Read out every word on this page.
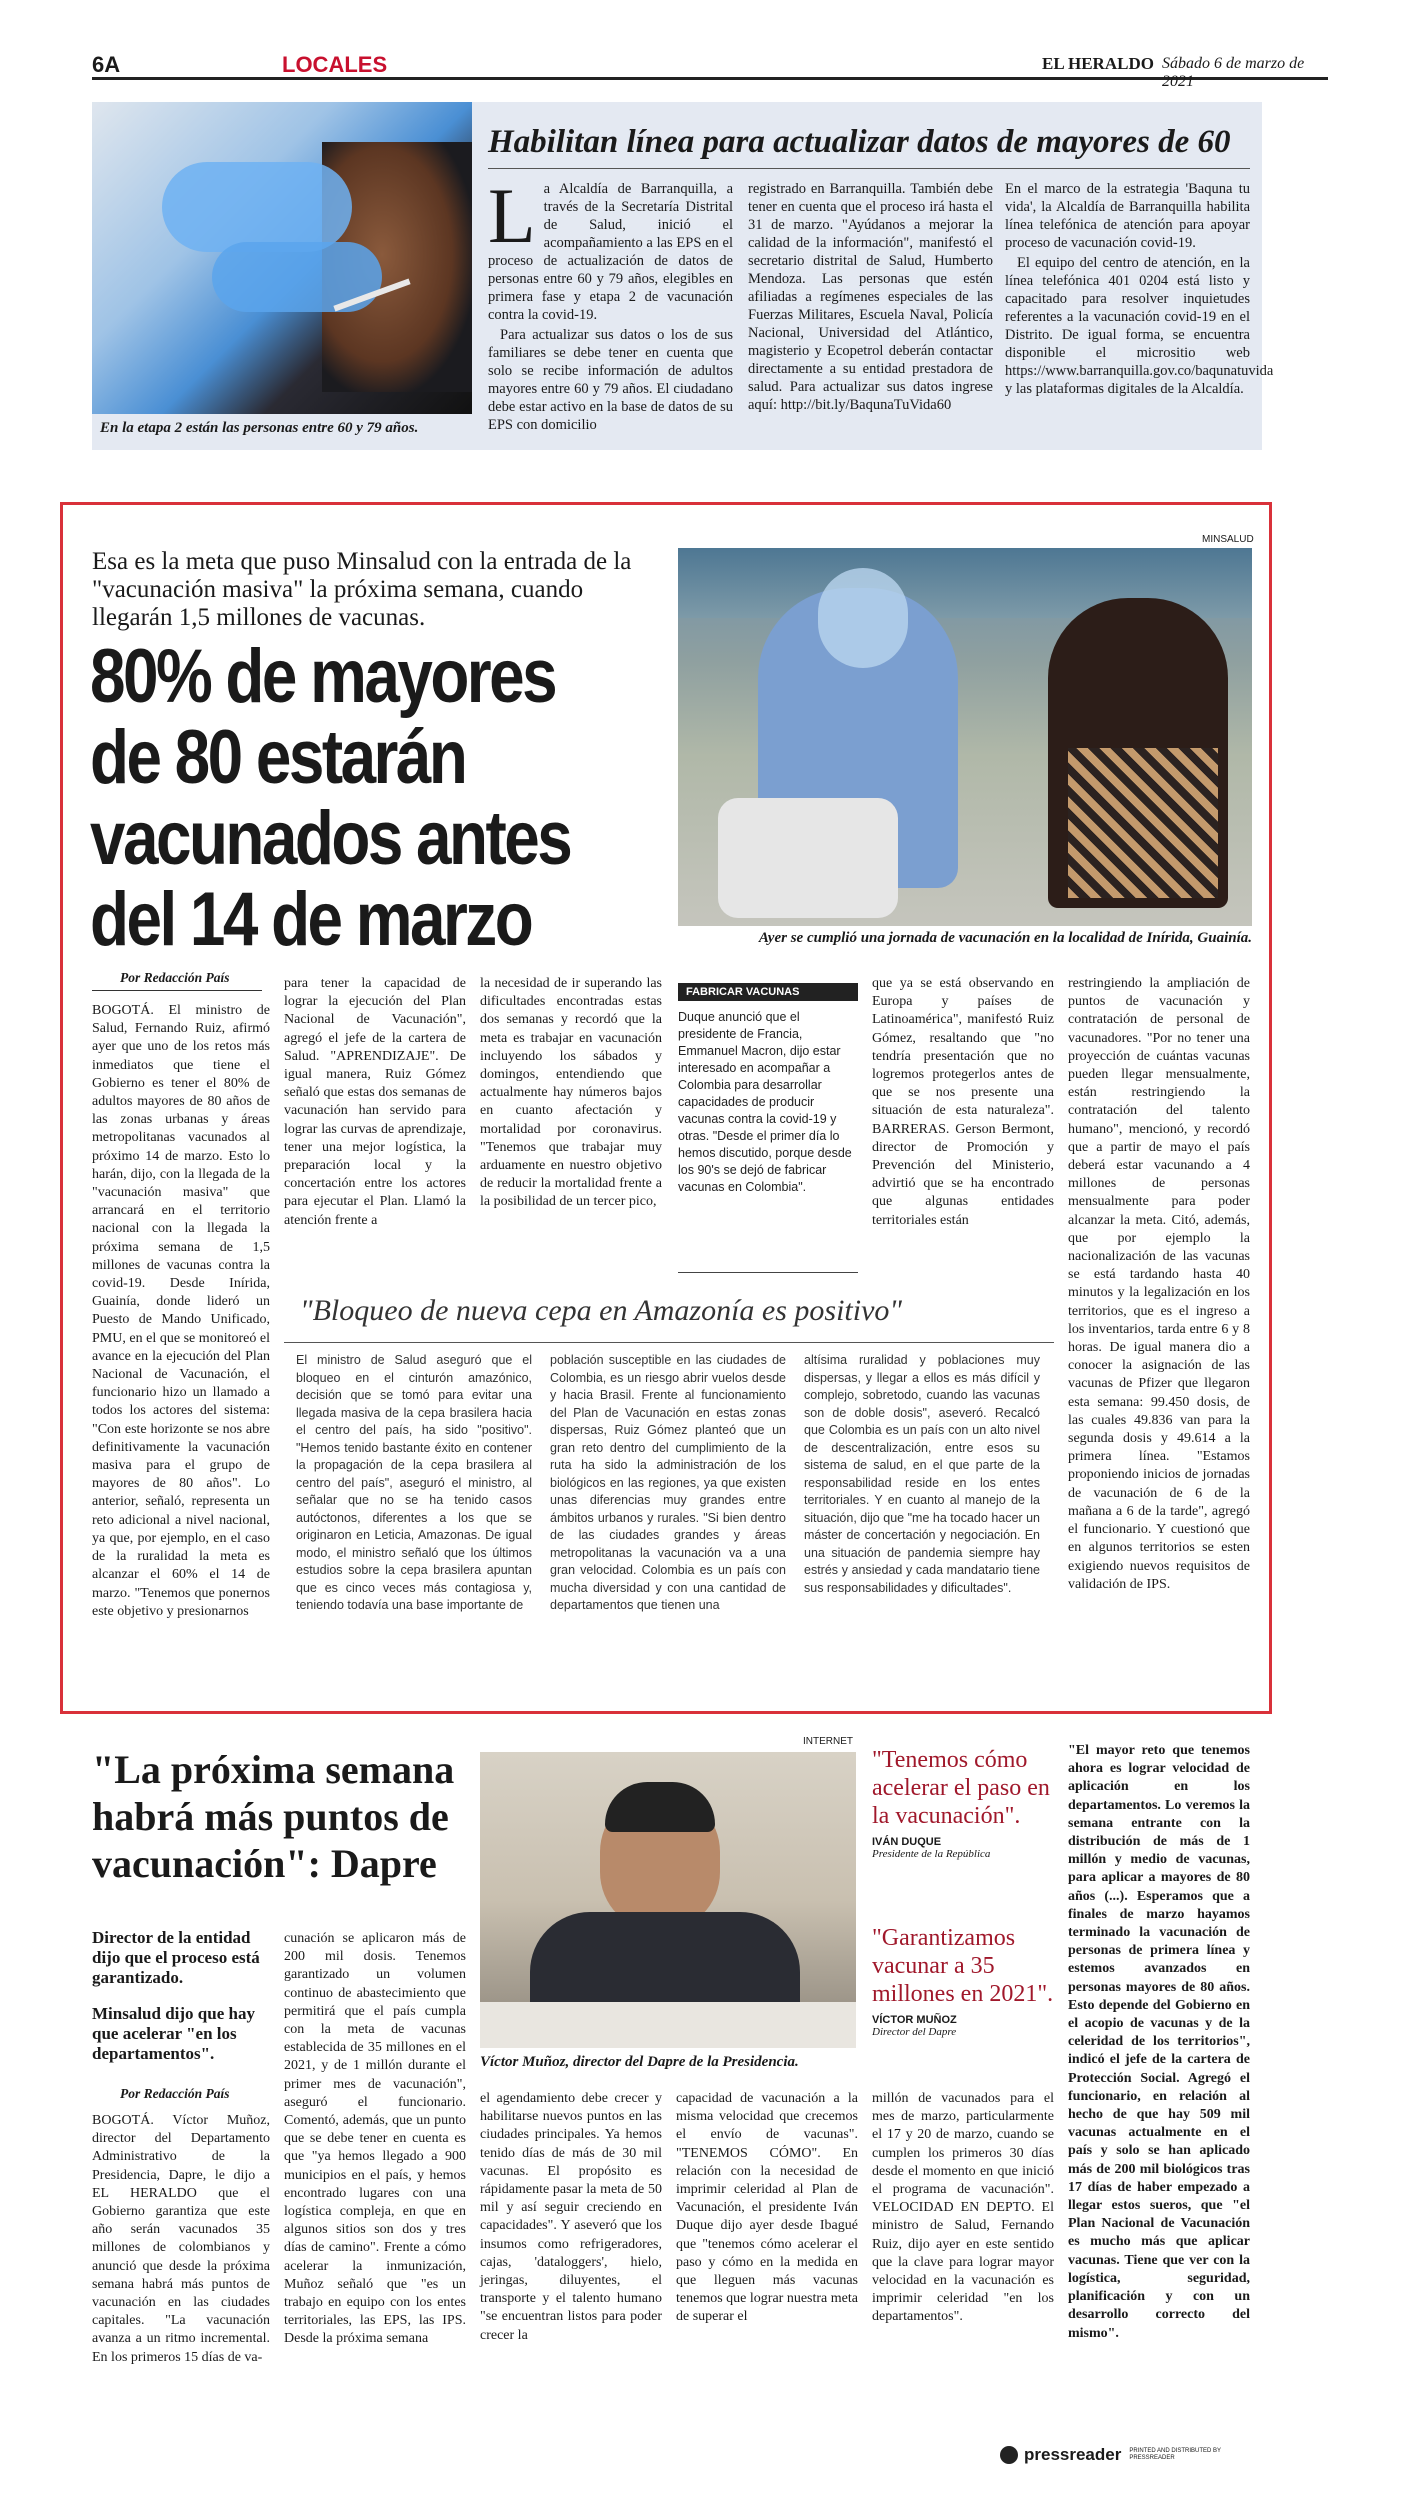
6A	LOCALES	EL HERALDO Sábado 6 de marzo de 2021
En la etapa 2 están las personas entre 60 y 79 años.
Habilitan línea para actualizar datos de mayores de 60
L a Alcaldía de Barranquilla, a través de la Secretaría Distrital de Salud, inició el acompañamiento a las EPS en el proceso de actualización de datos de personas entre 60 y 79 años, elegibles en primera fase y etapa 2 de vacunación contra la covid-19.

Para actualizar sus datos o los de sus familiares se debe tener en cuenta que solo se recibe información de adultos mayores entre 60 y 79 años. El ciudadano debe estar activo en la base de datos de su EPS con domicilio

registrado en Barranquilla. También debe tener en cuenta que el proceso irá hasta el 31 de marzo. "Ayúdanos a mejorar la calidad de la información", manifestó el secretario distrital de Salud, Humberto Mendoza. Las personas que estén afiliadas a regímenes especiales de las Fuerzas Militares, Escuela Naval, Policía Nacional, Universidad del Atlántico, magisterio y Ecopetrol deberán contactar directamente a su entidad prestadora de salud. Para actualizar sus datos ingrese aquí: http://bit.ly/BaqunaTuVida60

En el marco de la estrategia 'Baquna tu vida', la Alcaldía de Barranquilla habilita línea telefónica de atención para apoyar proceso de vacunación covid-19.

El equipo del centro de atención, en la línea telefónica 401 0204 está listo y capacitado para resolver inquietudes referentes a la vacunación covid-19 en el Distrito. De igual forma, se encuentra disponible el micrositio web https://www.barranquilla.gov.co/baqunatuvida y las plataformas digitales de la Alcaldía.

Esa es la meta que puso Minsalud con la entrada de la "vacunación masiva" la próxima semana, cuando llegarán 1,5 millones de vacunas.
80% de mayores de 80 estarán vacunados antes del 14 de marzo
MINSALUD
Ayer se cumplió una jornada de vacunación en la localidad de Inírida, Guainía.
Por Redacción País

BOGOTÁ. El ministro de Salud, Fernando Ruiz, afirmó ayer que uno de los retos más inmediatos que tiene el Gobierno es tener el 80% de adultos mayores de 80 años de las zonas urbanas y áreas metropolitanas vacunados al próximo 14 de marzo. Esto lo harán, dijo, con la llegada de la "vacunación masiva" que arrancará en el territorio nacional con la llegada la próxima semana de 1,5 millones de vacunas contra la covid-19. Desde Inírida, Guainía, donde lideró un Puesto de Mando Unificado, PMU, en el que se monitoreó el avance en la ejecución del Plan Nacional de Vacunación, el funcionario hizo un llamado a todos los actores del sistema: "Con este horizonte se nos abre definitivamente la vacunación masiva para el grupo de mayores de 80 años". Lo anterior, señaló, representa un reto adicional a nivel nacional, ya que, por ejemplo, en el caso de la ruralidad la meta es alcanzar el 60% el 14 de marzo. "Tenemos que ponernos este objetivo y presionarnos

para tener la capacidad de lograr la ejecución del Plan Nacional de Vacunación", agregó el jefe de la cartera de Salud. "APRENDIZAJE". De igual manera, Ruiz Gómez señaló que estas dos semanas de vacunación han servido para lograr las curvas de aprendizaje, tener una mejor logística, la preparación local y la concertación entre los actores para ejecutar el Plan. Llamó la atención frente a

la necesidad de ir superando las dificultades encontradas estas dos semanas y recordó que la meta es trabajar en vacunación incluyendo los sábados y domingos, entendiendo que actualmente hay números bajos en cuanto afectación y mortalidad por coronavirus. "Tenemos que trabajar muy arduamente en nuestro objetivo de reducir la mortalidad frente a la posibilidad de un tercer pico,

FABRICAR VACUNAS
Duque anunció que el presidente de Francia, Emmanuel Macron, dijo estar interesado en acompañar a Colombia para desarrollar capacidades de producir vacunas contra la covid-19 y otras. "Desde el primer día lo hemos discutido, porque desde los 90's se dejó de fabricar vacunas en Colombia".

que ya se está observando en Europa y países de Latinoamérica", manifestó Ruiz Gómez, resaltando que "no tendría presentación que no logremos protegerlos antes de que se nos presente una situación de esta naturaleza". BARRERAS. Gerson Bermont, director de Promoción y Prevención del Ministerio, advirtió que se ha encontrado que algunas entidades territoriales están

restringiendo la ampliación de puntos de vacunación y contratación de personal de vacunadores. "Por no tener una proyección de cuántas vacunas pueden llegar mensualmente, están restringiendo la contratación del talento humano", mencionó, y recordó que a partir de mayo el país deberá estar vacunando a 4 millones de personas mensualmente para poder alcanzar la meta. Citó, además, que por ejemplo la nacionalización de las vacunas se está tardando hasta 40 minutos y la legalización en los territorios, que es el ingreso a los inventarios, tarda entre 6 y 8 horas. De igual manera dio a conocer la asignación de las vacunas de Pfizer que llegaron esta semana: 99.450 dosis, de las cuales 49.836 van para la segunda dosis y 49.614 a la primera línea. "Estamos proponiendo inicios de jornadas de vacunación de 6 de la mañana a 6 de la tarde", agregó el funcionario. Y cuestionó que en algunos territorios se esten exigiendo nuevos requisitos de validación de IPS.

"Bloqueo de nueva cepa en Amazonía es positivo"

El ministro de Salud aseguró que el bloqueo en el cinturón amazónico, decisión que se tomó para evitar una llegada masiva de la cepa brasilera hacia el centro del país, ha sido "positivo". "Hemos tenido bastante éxito en contener la propagación de la cepa brasilera al centro del país", aseguró el ministro, al señalar que no se ha tenido casos autóctonos, diferentes a los que se originaron en Leticia, Amazonas. De igual modo, el ministro señaló que los últimos estudios sobre la cepa brasilera apuntan que es cinco veces más contagiosa y, teniendo todavía una base importante de

población susceptible en las ciudades de Colombia, es un riesgo abrir vuelos desde y hacia Brasil. Frente al funcionamiento del Plan de Vacunación en estas zonas dispersas, Ruiz Gómez planteó que un gran reto dentro del cumplimiento de la ruta ha sido la administración de los biológicos en las regiones, ya que existen unas diferencias muy grandes entre ámbitos urbanos y rurales. "Si bien dentro de las ciudades grandes y áreas metropolitanas la vacunación va a una gran velocidad. Colombia es un país con mucha diversidad y con una cantidad de departamentos que tienen una

altísima ruralidad y poblaciones muy dispersas, y llegar a ellos es más difícil y complejo, sobretodo, cuando las vacunas son de doble dosis", aseveró. Recalcó que Colombia es un país con un alto nivel de descentralización, entre esos su sistema de salud, en el que parte de la responsabilidad reside en los entes territoriales. Y en cuanto al manejo de la situación, dijo que "me ha tocado hacer un máster de concertación y negociación. En una situación de pandemia siempre hay estrés y ansiedad y cada mandatario tiene sus responsabilidades y dificultades".

"La próxima semana habrá más puntos de vacunación": Dapre
Director de la entidad dijo que el proceso está garantizado.
Minsalud dijo que hay que acelerar "en los departamentos".
Por Redacción País

BOGOTÁ. Víctor Muñoz, director del Departamento Administrativo de la Presidencia, Dapre, le dijo a EL HERALDO que el Gobierno garantiza que este año serán vacunados 35 millones de colombianos y anunció que desde la próxima semana habrá más puntos de vacunación en las ciudades capitales. "La vacunación avanza a un ritmo incremental. En los primeros 15 días de va-

cunación se aplicaron más de 200 mil dosis. Tenemos garantizado un volumen continuo de abastecimiento que permitirá que el país cumpla con la meta de vacunas establecida de 35 millones en el 2021, y de 1 millón durante el primer mes de vacunación", aseguró el funcionario. Comentó, además, que un punto que se debe tener en cuenta es que "ya hemos llegado a 900 municipios en el país, y hemos encontrado lugares con una logística compleja, en que en algunos sitios son dos y tres días de camino". Frente a cómo acelerar la inmunización, Muñoz señaló que "es un trabajo en equipo con los entes territoriales, las EPS, las IPS. Desde la próxima semana

INTERNET
Víctor Muñoz, director del Dapre de la Presidencia.

el agendamiento debe crecer y habilitarse nuevos puntos en las ciudades principales. Ya hemos tenido días de más de 30 mil vacunas. El propósito es rápidamente pasar la meta de 50 mil y así seguir creciendo en capacidades". Y aseveró que los insumos como refrigeradores, cajas, 'dataloggers', hielo, jeringas, diluyentes, el transporte y el talento humano "se encuentran listos para poder crecer la

capacidad de vacunación a la misma velocidad que crecemos el envío de vacunas". "TENEMOS CÓMO". En relación con la necesidad de imprimir celeridad al Plan de Vacunación, el presidente Iván Duque dijo ayer desde Ibagué que "tenemos cómo acelerar el paso y cómo en la medida en que lleguen más vacunas tenemos que lograr nuestra meta de superar el

"Tenemos cómo acelerar el paso en la vacunación".
IVÁN DUQUE
Presidente de la República
"Garantizamos vacunar a 35 millones en 2021".
VÍCTOR MUÑOZ
Director del Dapre

millón de vacunados para el mes de marzo, particularmente el 17 y 20 de marzo, cuando se cumplen los primeros 30 días desde el momento en que inició el programa de vacunación". VELOCIDAD EN DEPTO. El ministro de Salud, Fernando Ruiz, dijo ayer en este sentido que la clave para lograr mayor velocidad en la vacunación es imprimir celeridad "en los departamentos".

"El mayor reto que tenemos ahora es lograr velocidad de aplicación en los departamentos. Lo veremos la semana entrante con la distribución de más de 1 millón y medio de vacunas, para aplicar a mayores de 80 años (...). Esperamos que a finales de marzo hayamos terminado la vacunación de personas de primera línea y estemos avanzados en personas mayores de 80 años. Esto depende del Gobierno en el acopio de vacunas y de la celeridad de los territorios", indicó el jefe de la cartera de Protección Social. Agregó el funcionario, en relación al hecho de que hay 509 mil vacunas actualmente en el país y solo se han aplicado más de 200 mil biológicos tras 17 días de haber empezado a llegar estos sueros, que "el Plan Nacional de Vacunación es mucho más que aplicar vacunas. Tiene que ver con la logística, seguridad, planificación y con un desarrollo correcto del mismo".

pressreader PRINTED AND DISTRIBUTED BY PRESSREADER
